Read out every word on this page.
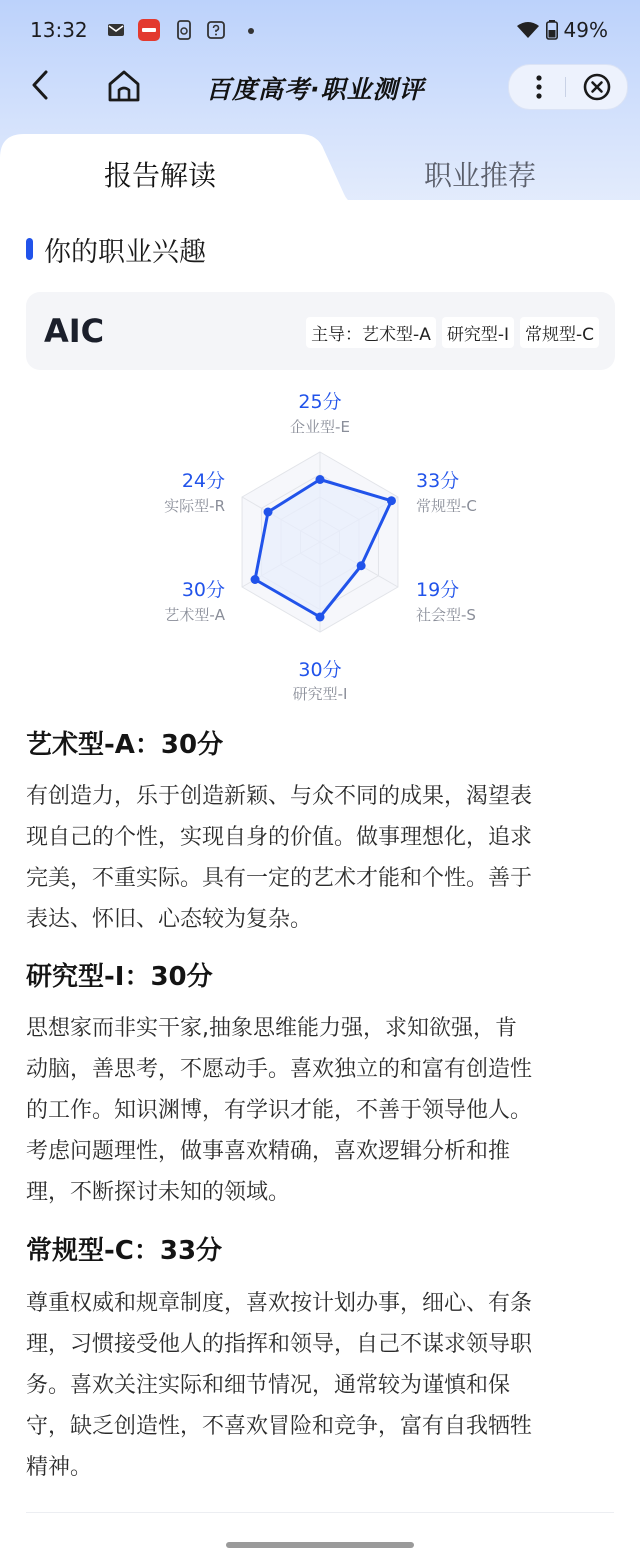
13:32	49%
百度高考·职业测评
报告解读	职业推荐
你的职业兴趣
AIC	主导：艺术型-A 研究型-I 常规型-C
25分
企业型-E
33分
常规型-C
19分
社会型-S
30分
研究型-I
30分
艺术型-A
24分
实际型-R
艺术型-A：30分
有创造力，乐于创造新颖、与众不同的成果，渴望表
现自己的个性，实现自身的价值。做事理想化，追求
完美，不重实际。具有一定的艺术才能和个性。善于
表达、怀旧、心态较为复杂。
研究型-I：30分
思想家而非实干家,抽象思维能力强，求知欲强，肯
动脑，善思考，不愿动手。喜欢独立的和富有创造性
的工作。知识渊博，有学识才能，不善于领导他人。
考虑问题理性，做事喜欢精确，喜欢逻辑分析和推
理，不断探讨未知的领域。
常规型-C：33分
尊重权威和规章制度，喜欢按计划办事，细心、有条
理，习惯接受他人的指挥和领导，自己不谋求领导职
务。喜欢关注实际和细节情况，通常较为谨慎和保
守，缺乏创造性，不喜欢冒险和竞争，富有自我牺牲
精神。
